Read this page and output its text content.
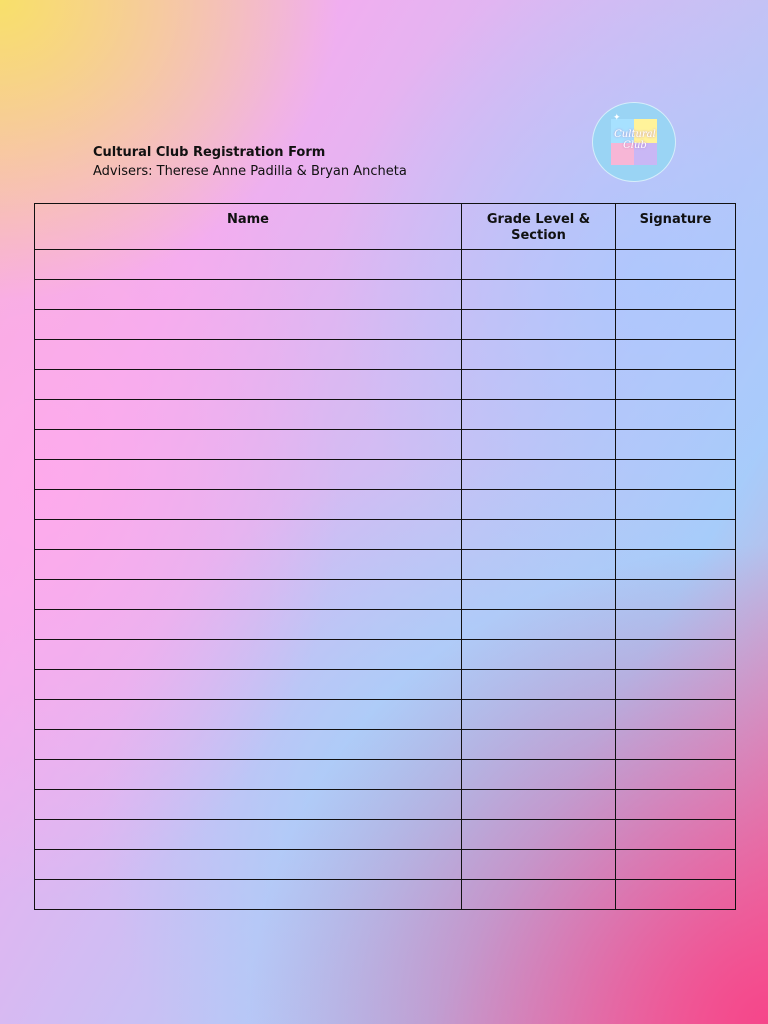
Cultural Club Registration Form
Advisers: Therese Anne Padilla & Bryan Ancheta
✦
Cultural Club
Name	Grade Level & Section	Signature
